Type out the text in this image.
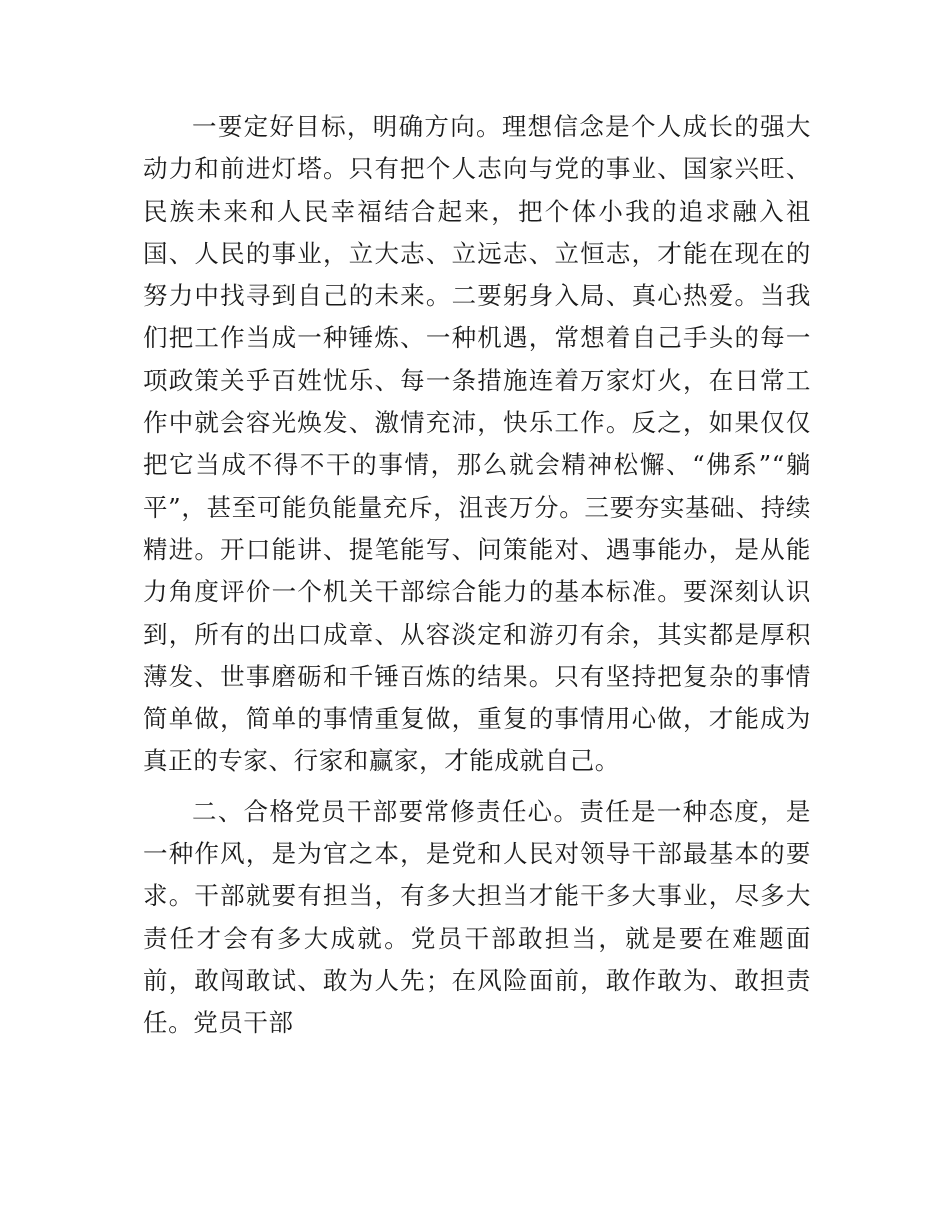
一要定好目标，明确方向。理想信念是个人成长的强大动力和前进灯塔。只有把个人志向与党的事业、国家兴旺、民族未来和人民幸福结合起来，把个体小我的追求融入祖国、人民的事业，立大志、立远志、立恒志，才能在现在的努力中找寻到自己的未来。二要躬身入局、真心热爱。当我们把工作当成一种锤炼、一种机遇，常想着自己手头的每一项政策关乎百姓忧乐、每一条措施连着万家灯火，在日常工作中就会容光焕发、激情充沛，快乐工作。反之，如果仅仅把它当成不得不干的事情，那么就会精神松懈、“佛系”“躺平”，甚至可能负能量充斥，沮丧万分。三要夯实基础、持续精进。开口能讲、提笔能写、问策能对、遇事能办，是从能力角度评价一个机关干部综合能力的基本标准。要深刻认识到，所有的出口成章、从容淡定和游刃有余，其实都是厚积薄发、世事磨砺和千锤百炼的结果。只有坚持把复杂的事情简单做，简单的事情重复做，重复的事情用心做，才能成为真正的专家、行家和赢家，才能成就自己。

二、合格党员干部要常修责任心。责任是一种态度，是一种作风，是为官之本，是党和人民对领导干部最基本的要求。干部就要有担当，有多大担当才能干多大事业，尽多大责任才会有多大成就。党员干部敢担当，就是要在难题面前，敢闯敢试、敢为人先；在风险面前，敢作敢为、敢担责任。党员干部
